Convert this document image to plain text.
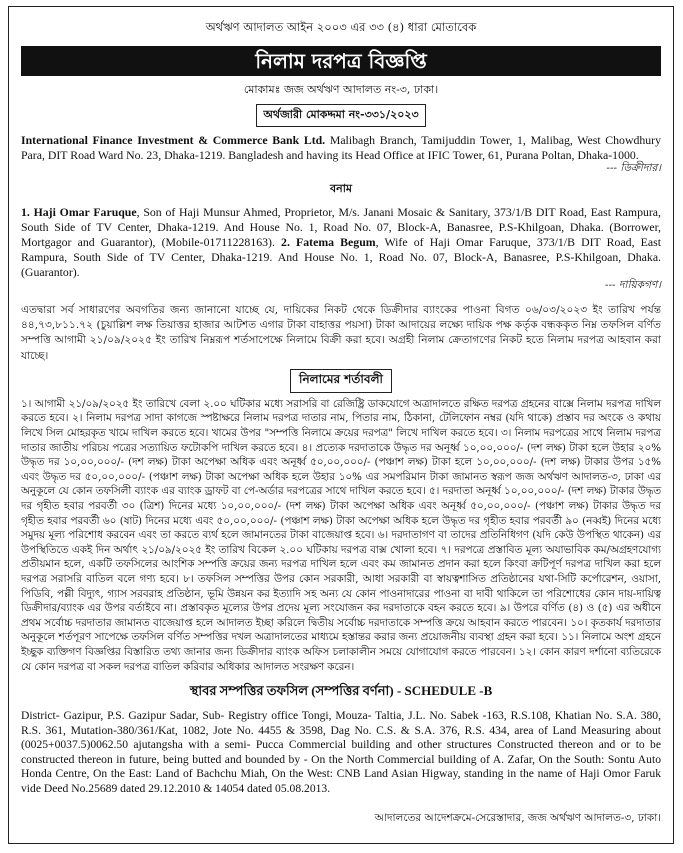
অর্থঋণ আদালত আইন ২০০৩ এর ৩৩ (৪) ধারা মোতাবেক
নিলাম দরপত্র বিজ্ঞপ্তি
মোকামঃ জজ অর্থঋণ আদালত নং-৩, ঢাকা।
অর্থজারী মোকদ্দমা নং-৩৩১/২০২৩
International Finance Investment & Commerce Bank Ltd. Malibagh Branch, Tamijuddin Tower, 1, Malibag, West Chowdhury Para, DIT Road Ward No. 23, Dhaka-1219. Bangladesh and having its Head Office at IFIC Tower, 61, Purana Poltan, Dhaka-1000.
--- ডিক্রীদার।
বনাম
1. Haji Omar Faruque, Son of Haji Munsur Ahmed, Proprietor, M/s. Janani Mosaic & Sanitary, 373/1/B DIT Road, East Rampura, South Side of TV Center, Dhaka-1219. And House No. 1, Road No. 07, Block-A, Banasree, P.S-Khilgoan, Dhaka. (Borrower, Mortgagor and Guarantor), (Mobile-01711228163). 2. Fatema Begum, Wife of Haji Omar Faruque, 373/1/B DIT Road, East Rampura, South Side of TV Center, Dhaka-1219. And House No. 1, Road No. 07, Block-A, Banasree, P.S-Khilgoan, Dhaka. (Guarantor).
--- দায়িকগণ।
এতদ্বারা সর্ব সাধারণের অবগতির জন্য জানানো যাচ্ছে যে, দায়িকের নিকট থেকে ডিক্রীদার ব্যাংকের পাওনা বিগত ০৬/০৩/২০২৩ ইং তারিখ পর্যন্ত ৪৪,৭৩,৮১১.৭২ (চুয়াল্লিশ লক্ষ তিয়াত্তর হাজার আটশত এগার টাকা বাহাত্তর পয়সা) টাকা আদায়ের লক্ষ্যে দায়িক পক্ষ কর্তৃক বন্ধককৃত নিম্ন তফসিল বর্ণিত সম্পত্তি আগামী ২১/০৯/২০২৫ ইং তারিখ নিম্নরূপ শর্তসাপেক্ষে নিলামে বিক্রী করা হবে। অগ্রহী নিলাম ক্রেতাগণের নিকট হতে নিলাম দরপত্র আহবান করা যাচ্ছে।
নিলামের শর্তাবলী
১। আগামী ২১/০৯/২০২৫ ইং তারিখে বেলা ২.০০ ঘটিকার মধ্যে সরাসরি বা রেজিষ্ট্রি ডাকযোগে অত্রাদালতে রক্ষিত দরপত্র গ্রহনের বাক্সে নিলাম দরপত্র দাখিল করতে হবে। ২। নিলাম দরপত্র সাদা কাগজে স্পষ্টাক্ষরে নিলাম দরপত্র দাতার নাম, পিতার নাম, ঠিকানা, টেলিফোন নম্বর (যদি থাকে) প্রস্তাব দর অংকে ও কথায় লিখে সিল মোহরকৃত খামে দাখিল করতে হবে। খামের উপর "সম্পত্তি নিলামে ক্রয়ের দরপত্র" লিখে দাখিল করতে হবে। ৩। নিলাম দরপত্রের সাথে নিলাম দরপত্র দাতার জাতীয় পরিচয় পত্রের সত্যায়িত ফটোকপি দাখিল করতে হবে। ৪। প্রত্যেক দরদাতাকে উদ্ধৃত দর অনূর্ধ্ব ১০,০০,০০০/- (দশ লক্ষ) টাকা হলে উহার ২০% উদ্ধৃত দর ১০,০০,০০০/- (দশ লক্ষ) টাকা অপেক্ষা অধিক এবং অনূর্ধ্ব ৫০,০০,০০০/- (পঞ্চাশ লক্ষ) টাকা হলে ১০,০০,০০০/- (দশ লক্ষ) টাকার উপর ১৫% এবং উদ্ধৃত দর ৫০,০০,০০০/- (পঞ্চাশ লক্ষ) টাকা অপেক্ষা অধিক হলে উহার ১০% এর সমপরিমান টাকা জামানত স্বরূপ জজ অর্থঋণ আদালত-৩, ঢাকা এর অনুকূলে যে কোন তফসিলী ব্যাংক এর ব্যাংক ড্রাফট বা পে-অর্ডার দরপত্রের সাথে দাখিল করতে হবে। ৫। দরদাতা অনূর্ধ্ব ১০,০০,০০০/- (দশ লক্ষ) টাকার উদ্ধৃত দর গৃহীত হবার পরবর্তী ৩০ (ত্রিশ) দিনের মধ্যে ১০,০০,০০০/- (দশ লক্ষ) টাকা অপেক্ষা অধিক এবং অনূর্ধ্ব ৫০,০০,০০০/- (পঞ্চাশ লক্ষ) টাকার উদ্ধৃত দর গৃহীত হবার পরবর্তী ৬০ (ষাট) দিনের মধ্যে এবং ৫০,০০,০০০/- (পঞ্চাশ লক্ষ) টাকা অপেক্ষা অধিক হলে উদ্ধৃত দর গৃহীত হবার পরবর্তী ৯০ (নব্বই) দিনের মধ্যে সমুদয় মূল্য পরিশোধ করবেন এবং তা করতে ব্যর্থ হলে জামানতের টাকা বাজেয়াপ্ত হবে। ৬। দরদাতাগণ বা তাদের প্রতিনিধিগণ (যদি কেউ উপস্থিত থাকেন) এর উপস্থিতিতে একই দিন অর্থাৎ ২১/০৯/২০২৫ ইং তারিখ বিকেল ২.০০ ঘটিকায় দরপত্র বাক্স খোলা হবে। ৭। দরপত্রে প্রস্তাবিত মূল্য অযাভাবিক কম/অগ্রহণযোগ্য প্রতীয়মান হলে, একটি তফসিলের আংশিক সম্পত্তি ক্রয়ের জন্য দরপত্র দাখিল হলে এবং কম জামানত প্রদান করা হলে কিংবা ক্রটিপূর্ণ দরপত্র দাখিল করা হলে দরপত্র সরাসরি বাতিল বলে গণ্য হবে। ৮। তফসিল সম্পত্তির উপর কোন সরকারী, আধা সরকারী বা স্বায়ত্বশাসিত প্রতিষ্ঠানের যথা-সিটি কর্পোরেশন, ওয়াসা, পিডিবি, পল্লী বিদ্যুৎ, গ্যাস সরবরাহ প্রতিষ্ঠান, ভূমি উন্নয়ন কর ইত্যাদি সহ অন্য যে কোন পাওনাদারের পাওনা বা দাবী থাকিলে তা পরিশোধের কোন দায়-দায়িত্ব ডিক্রীদার/ব্যাংক এর উপর বর্তাইবে না। প্রস্তাবকৃত মূল্যের উপর প্রদেয় মূল্য সংযোজন কর দরদাতাকে বহন করতে হবে। ৯। উপরে বর্ণিত (৪) ও (৫) এর অধীনে প্রথম সর্বোচ্চ দরদাতার জামানত বাজেয়াপ্ত হলে আদালত ইচ্ছা করিলে দ্বিতীয় সর্বোচ্চ দরদাতাকে সম্পত্তি ক্রয়ে আহবান করতে পারবেন। ১০। কৃতকার্য দরদাতার অনুকূলে শর্তপূরণ সাপেক্ষে তফসিল বর্ণিত সম্পত্তির দখল অত্রাদালতের মাধ্যমে হস্তান্তর করার জন্য প্রয়োজনীয় ব্যবস্থা গ্রহন করা হবে। ১১। নিলামে অংশ গ্রহনে ইচ্ছুক ব্যক্তিগণ বিজ্ঞপ্তির বিস্তারিত তথ্য জানার জন্য ডিক্রীদার ব্যাংক অফিস চলাকালীন সময়ে যোগাযোগ করতে পারবেন। ১২। কোন কারণ দর্শানো ব্যতিরেকে যে কোন দরপত্র বা সকল দরপত্র বাতিল করিবার অধিকার আদালত সংরক্ষণ করেন।
স্থাবর সম্পত্তির তফসিল (সম্পত্তির বর্ণনা) - SCHEDULE -B
District- Gazipur, P.S. Gazipur Sadar, Sub- Registry office Tongi, Mouza- Taltia, J.L. No. Sabek -163, R.S.108, Khatian No. S.A. 380, R.S. 361, Mutation-380/361/Kat, 1082, Jote No. 4455 & 3598, Dag No. C.S. & S.A. 376, R.S. 434, area of Land Measuring about (0025+0037.5)0062.50 ajutangsha with a semi- Pucca Commercial building and other structures Constructed thereon and or to be constructed thereon in future, being butted and bounded by - On the North Commercial building of A. Zafar, On the South: Sontu Auto Honda Centre, On the East: Land of Bachchu Miah, On the West: CNB Land Asian Higway, standing in the name of Haji Omor Faruk vide Deed No.25689 dated 29.12.2010 & 14054 dated 05.08.2013.
আদালতের আদেশক্রমে-সেরেস্তাদার, জজ অর্থঋণ আদালত-৩, ঢাকা।
